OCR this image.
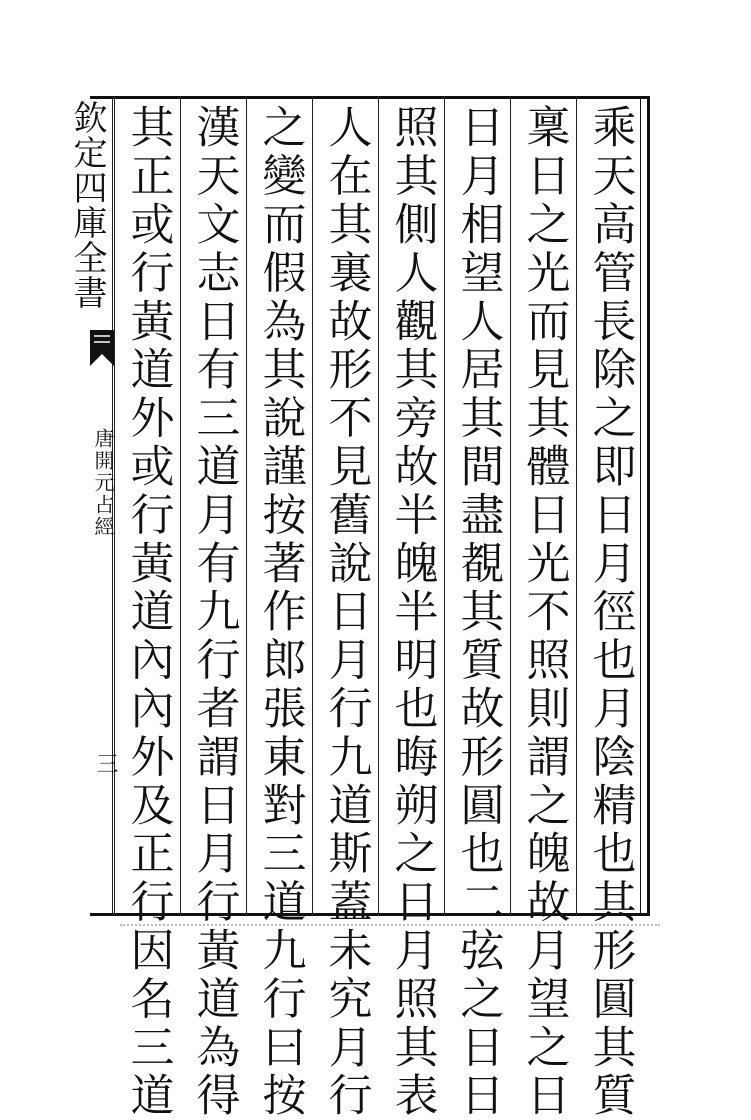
欽定四庫全書
唐開元占經
三	乘天高管長除之即日月徑也月陰精也其形圓其質
稟日之光而見其體日光不照則謂之魄故月望之日
日月相望人居其間盡覩其質故形圓也二弦之日日
照其側人觀其旁故半魄半明也晦朔之日月照其表
人在其裏故形不見舊說日月行九道斯蓋未究月行
之變而假為其說謹按著作郎張東對三道九行曰按
漢天文志日有三道月有九行者謂日月行黃道為得
其正或行黃道外或行黃道內內外及正行因名三道
